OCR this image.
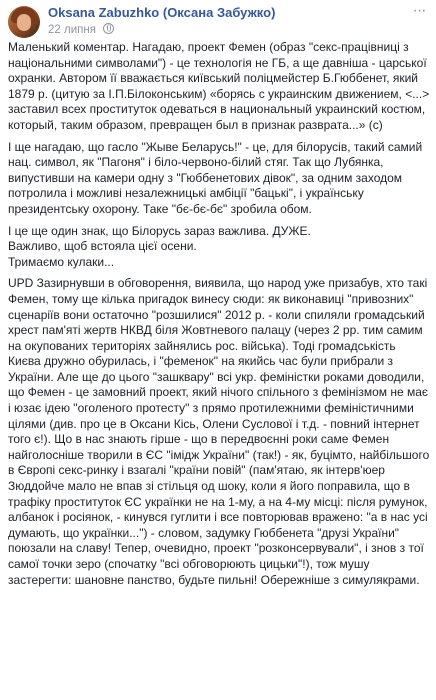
Oksana Zabuzhko (Оксана Забужко)
22 липня
···

Маленький коментар. Нагадаю, проект Фемен (образ "секс-працівниці з національними символами") - це технологія не ГБ, а ще давніша - царської охранки. Автором її вважається київський поліцмейстер Б.Гюббенет, який 1879 р. (цитую за І.П.Білоконським) «борясь с украинским движением, <...> заставил всех проституток одеваться в национальный украинский костюм, который, таким образом, превращен был в признак разврата...» (с)

І ще нагадаю, що гасло "Жыве Беларусь!" - це, для білорусів, такий самий нац. символ, як "Пагоня" і біло-червоно-білий стяг. Так що Лубянка, випустивши на камери одну з "Гюббенетових дівок", за одним заходом потролила і можливі незалежницькі амбіції "бацькі", і українську президентську охорону. Таке "бє-бє-бє" зробила обом.

І це ще один знак, що Білорусь зараз важлива. ДУЖЕ.

Важливо, щоб встояла цієї осени.

Тримаємо кулаки...

UPD Зазирнувши в обговорення, виявила, що народ уже призабув, хто такі Фемен, тому ще кілька пригадок винесу сюди: як виконавиці "привозних" сценаріїв вони остаточно "розшилися" 2012 р. - коли спиляли громадський хрест пам'яті жертв НКВД біля Жовтневого палацу (через 2 рр. тим самим на окупованих територіях зайнялись рос. війська). Тоді громадськість Києва дружно обурилась, і "феменок" на якийсь час були прибрали з України. Але ще до цього "зашквару" всі укр. феміністки роками доводили, що Фемен - це замовний проект, який нічого спільного з фемінізмом не має і юзає ідею "оголеного протесту" з прямо протилежними феміністичними цілями (див. про це в Оксани Кісь, Олени Суслової і т.д. - повний інтернет того є!). Що в нас знають гірше - що в передвоєнні роки саме Фемен найголосніше творили в ЄС "імідж України" (так!) - як, буцімто, найбільшого в Європі секс-ринку і взагалі "країни повій" (пам'ятаю, як інтерв'юер Зюддойче мало не впав зі стільця од шоку, коли я його поправила, що в трафіку проституток ЄС українки не на 1-му, а на 4-му місці: після румунок, албанок і росіянок, - кинувся гуглити і все повторював вражено: "а в нас усі думають, що українки...") - словом, задумку Гюббенета "друзі України" поюзали на славу! Тепер, очевидно, проект "розконсервували", і знов з тої самої точки зеро (спочатку "всі обговорюють цицьки"!), тож мушу застерегти: шановне панство, будьте пильні! Обережніше з симулякрами.
